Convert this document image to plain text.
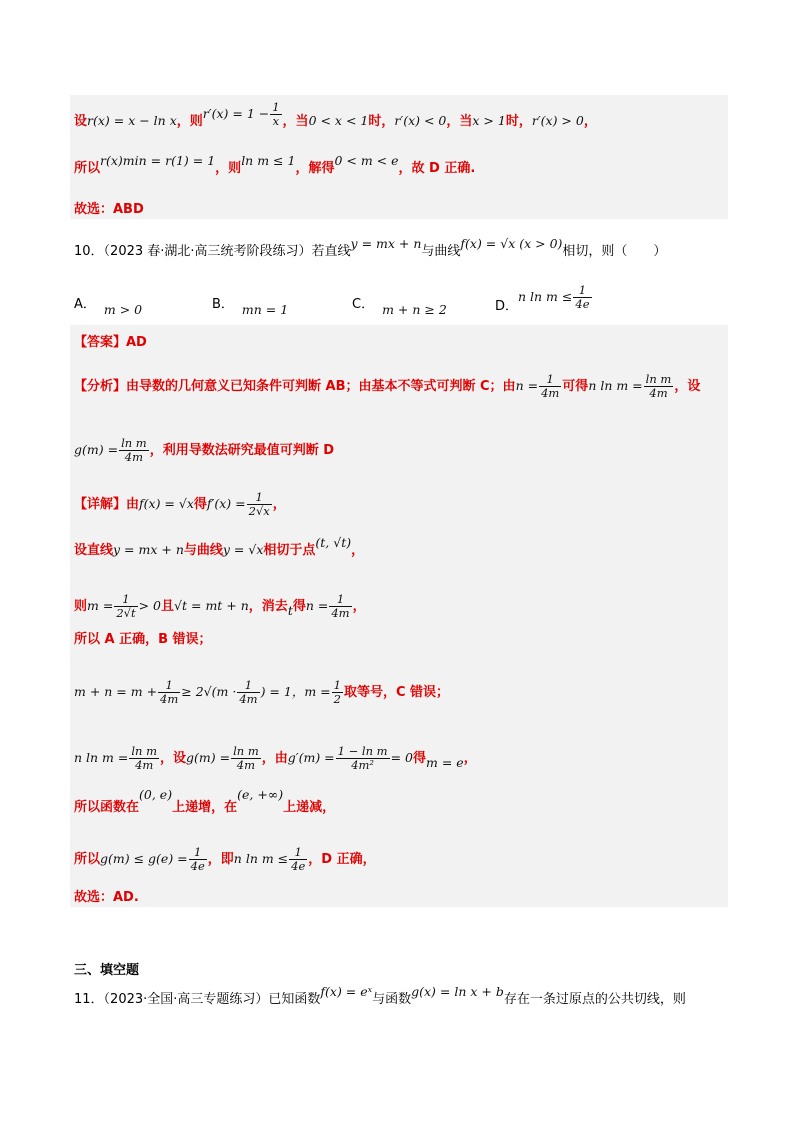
设r(x) = x − ln x，则$r'(x) = 1 - \frac{1}{x}$ ，当0 < x < 1时，r′(x) < 0，当x > 1时，r′(x) > 0，
所以r(x)min = r(1) = 1，则ln m ≤ 1，解得0 < m < e，故 D 正确.
故选：ABD
10．（2023 春·湖北·高三统考阶段练习）若直线y = mx + n与曲线f(x) = √x (x > 0)相切，则（　　）
A． m > 0	B． mn = 1	C． m + n ≥ 2	D．n $\ln m \le \frac{1}{4e}$
【答案】AD
【分析】由导数的几何意义已知条件可判断 AB；由基本不等式可判断 C；由$n = \frac{1}{4m}$ 可得n $\ln m = \frac{\text{ln m}}{4m}$ ，设
$g(m) = \frac{\text{ln m}}{4m}$ ，利用导数法研究最值可判断 D
【详解】由f(x) = √x得$f'(x) = \frac{1}{2√x}$ ，
设直线y = mx + n与曲线y = √x相切于点(t, √t)，
则$m = \frac{1}{2√t} > 0$且√t = mt + n，消去t得$n = \frac{1}{4m}$ ，
所以 A 正确，B 错误；
$m + n = m + \frac{1}{4m} \ge 2√(m \cdot \frac{1}{4m}$ ) = 1，$m = \frac{1}{2}$ 取等号，C 错误；
n $\ln m = \frac{\text{ln m}}{4m}$ ，设$g(m) = \frac{\text{ln m}}{4m}$ ，由$g'(m) = \frac{\text{1 − ln m}}{\text{4m²}} = 0$得m = e，
所以函数在(0, e)上递增，在(e, +∞)上递减，
所以$g(m) \le g(e) = \frac{1}{4e}$ ，即n $\ln m \le \frac{1}{4e}$ ，D 正确，
故选：AD.
三、填空题
11．（2023·全国·高三专题练习）已知函数f(x) = eˣ与函数g(x) = ln x + b存在一条过原点的公共切线，则
